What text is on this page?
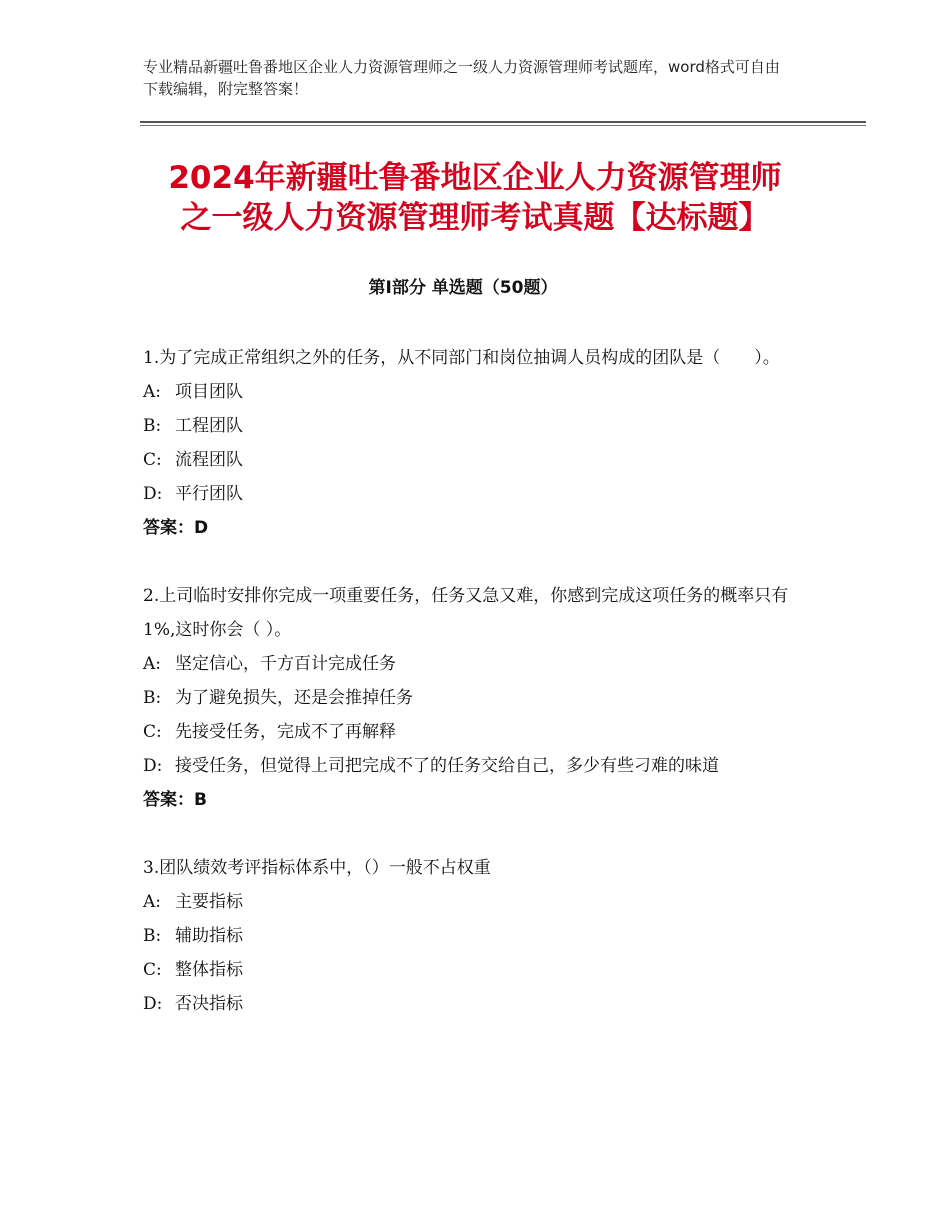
专业精品新疆吐鲁番地区企业人力资源管理师之一级人力资源管理师考试题库，word格式可自由下载编辑，附完整答案！
2024年新疆吐鲁番地区企业人力资源管理师
之一级人力资源管理师考试真题【达标题】
第Ⅰ部分 单选题（50题）

1.为了完成正常组织之外的任务，从不同部门和岗位抽调人员构成的团队是（　　）。

A: 项目团队

B: 工程团队

C: 流程团队

D: 平行团队

答案：D

2.上司临时安排你完成一项重要任务，任务又急又难，你感到完成这项任务的概率只有1%,这时你会（ ）。

A: 坚定信心，千方百计完成任务

B: 为了避免损失，还是会推掉任务

C: 先接受任务，完成不了再解释

D: 接受任务，但觉得上司把完成不了的任务交给自己，多少有些刁难的味道

答案：B

3.团队绩效考评指标体系中，（）一般不占权重

A: 主要指标

B: 辅助指标

C: 整体指标

D: 否决指标
